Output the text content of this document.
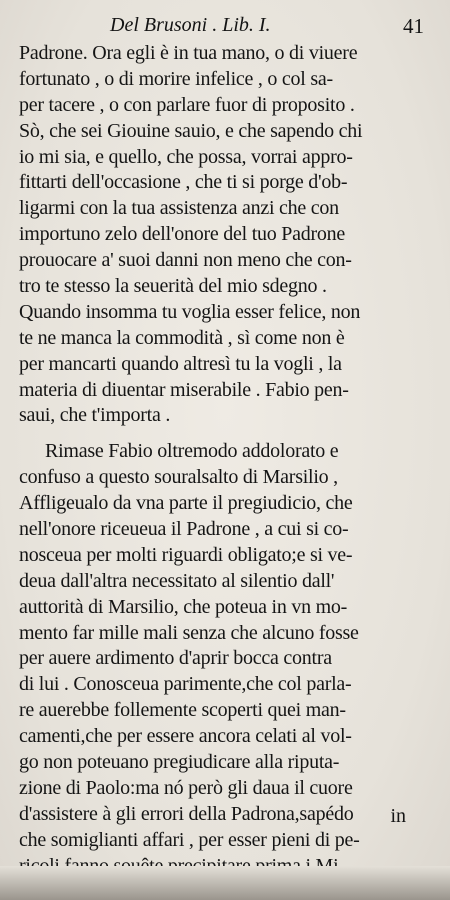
Del Brusoni . Lib. I.	41
Padrone. Ora egli è in tua mano, o di viuere
fortunato , o di morire infelice , o col sa-
per tacere , o con parlare fuor di proposito .
Sò, che sei Giouine sauio, e che sapendo chi
io mi sia, e quello, che possa, vorrai appro-
fittarti dell'occasione , che ti si porge d'ob-
ligarmi con la tua assistenza anzi che con
importuno zelo dell'onore del tuo Padrone
prouocare a' suoi danni non meno che con-
tro te stesso la seuerità del mio sdegno .
Quando insomma tu voglia esser felice, non
te ne manca la commodità , sì come non è
per mancarti quando altresì tu la vogli , la
materia di diuentar miserabile . Fabio pen-
saui, che t'importa .
Rimase Fabio oltremodo addolorato e
confuso a questo souralsalto di Marsilio ,
Affligeualo da vna parte il pregiudicio, che
nell'onore riceueua il Padrone , a cui si co-
nosceua per molti riguardi obligato;e si ve-
deua dall'altra necessitato al silentio dall'
auttorità di Marsilio, che poteua in vn mo-
mento far mille mali senza che alcuno fosse
per auere ardimento d'aprir bocca contra
di lui . Conosceua parimente,che col parla-
re auerebbe follemente scoperti quei man-
camenti,che per essere ancora celati al vol-
go non poteuano pregiudicare alla riputa-
zione di Paolo:ma nó però gli daua il cuore
d'assistere à gli errori della Padrona,sapédo
che somiglianti affari , per esser pieni di pe-
in
